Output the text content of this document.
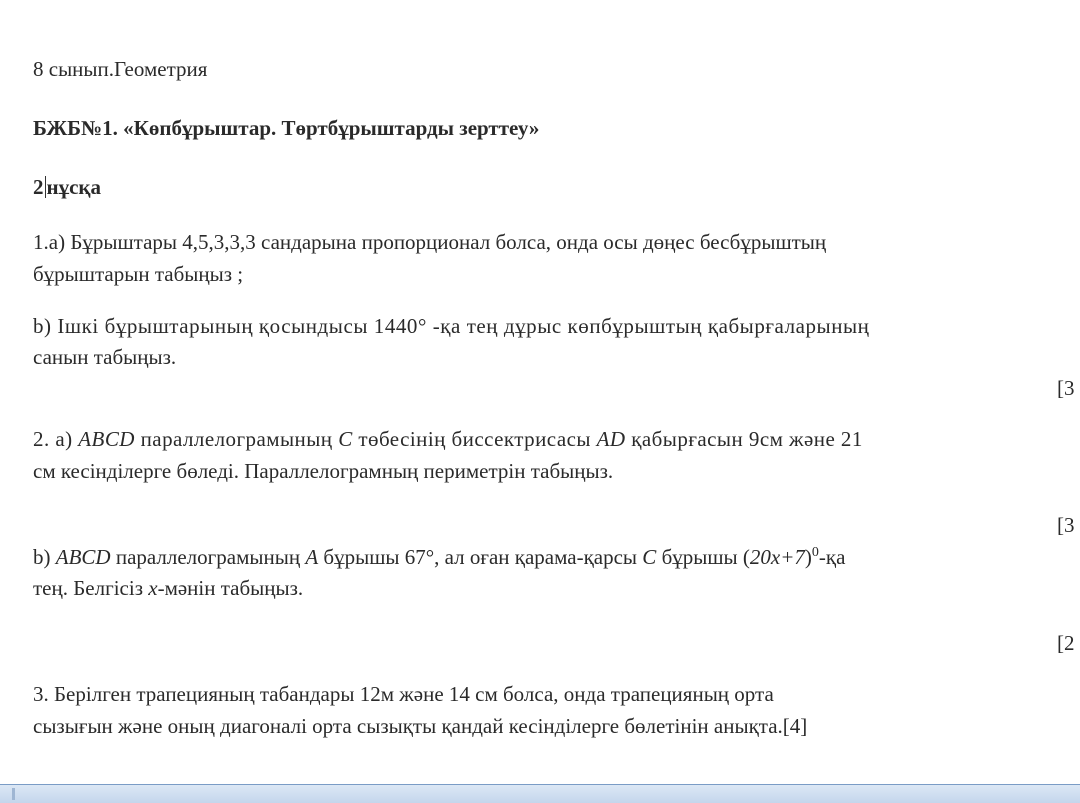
8 сынып.Геометрия
БЖБ№1. «Көпбұрыштар. Төртбұрыштарды зерттеу»
2 нұсқа
1.а) Бұрыштары 4,5,3,3,3 сандарына пропорционал болса, онда осы дөңес бесбұрыштың
бұрыштарын табыңыз ;
b) Ішкі бұрыштарының қосындысы 1440° -қа тең дұрыс көпбұрыштың қабырғаларының
санын табыңыз.
[3
2. а) ABCD параллелограмының C төбесінің биссектрисасы AD қабырғасын 9см және 21
см кесінділерге бөледі. Параллелограмның периметрін табыңыз.
[3
b) ABCD параллелограмының A бұрышы 67°, ал оған қарама-қарсы C бұрышы $(20x+7)^0-қа$
тең. Белгісіз x-мәнін табыңыз.
[2
3. Берілген трапецияның табандары 12м және 14 см болса, онда трапецияның орта
сызығын және оның диагоналі орта сызықты қандай кесінділерге бөлетінін анықта.[4]
